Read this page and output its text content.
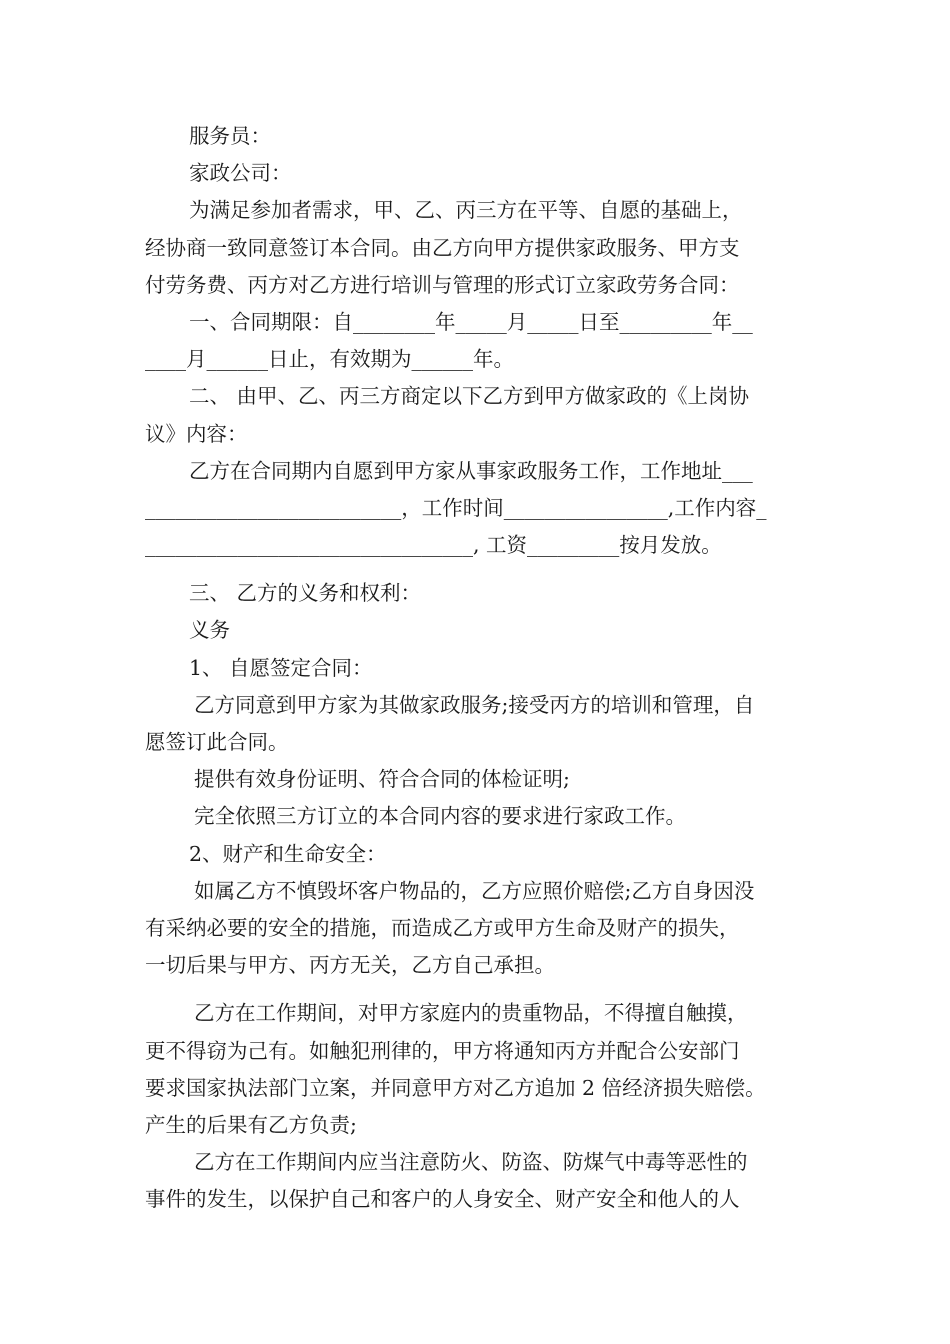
服务员：
家政公司：
为满足参加者需求，甲、乙、丙三方在平等、自愿的基础上，
经协商一致同意签订本合同。由乙方向甲方提供家政服务、甲方支
付劳务费、丙方对乙方进行培训与管理的形式订立家政劳务合同：
一、合同期限：自________年_____月_____日至_________年__
____月______日止，有效期为______年。
二、 由甲、乙、丙三方商定以下乙方到甲方做家政的《上岗协
议》内容：
乙方在合同期内自愿到甲方家从事家政服务工作，工作地址___
_________________________，工作时间________________,工作内容_
________________________________, 工资_________按月发放。
三、 乙方的义务和权利：
义务
1、 自愿签定合同：
乙方同意到甲方家为其做家政服务;接受丙方的培训和管理，自
愿签订此合同。
提供有效身份证明、符合合同的体检证明;
完全依照三方订立的本合同内容的要求进行家政工作。
2、财产和生命安全：
如属乙方不慎毁坏客户物品的，乙方应照价赔偿;乙方自身因没
有采纳必要的安全的措施，而造成乙方或甲方生命及财产的损失，
一切后果与甲方、丙方无关，乙方自己承担。
乙方在工作期间，对甲方家庭内的贵重物品，不得擅自触摸，
更不得窃为己有。如触犯刑律的，甲方将通知丙方并配合公安部门
要求国家执法部门立案，并同意甲方对乙方追加 2 倍经济损失赔偿。
产生的后果有乙方负责;
乙方在工作期间内应当注意防火、防盗、防煤气中毒等恶性的
事件的发生，以保护自己和客户的人身安全、财产安全和他人的人
